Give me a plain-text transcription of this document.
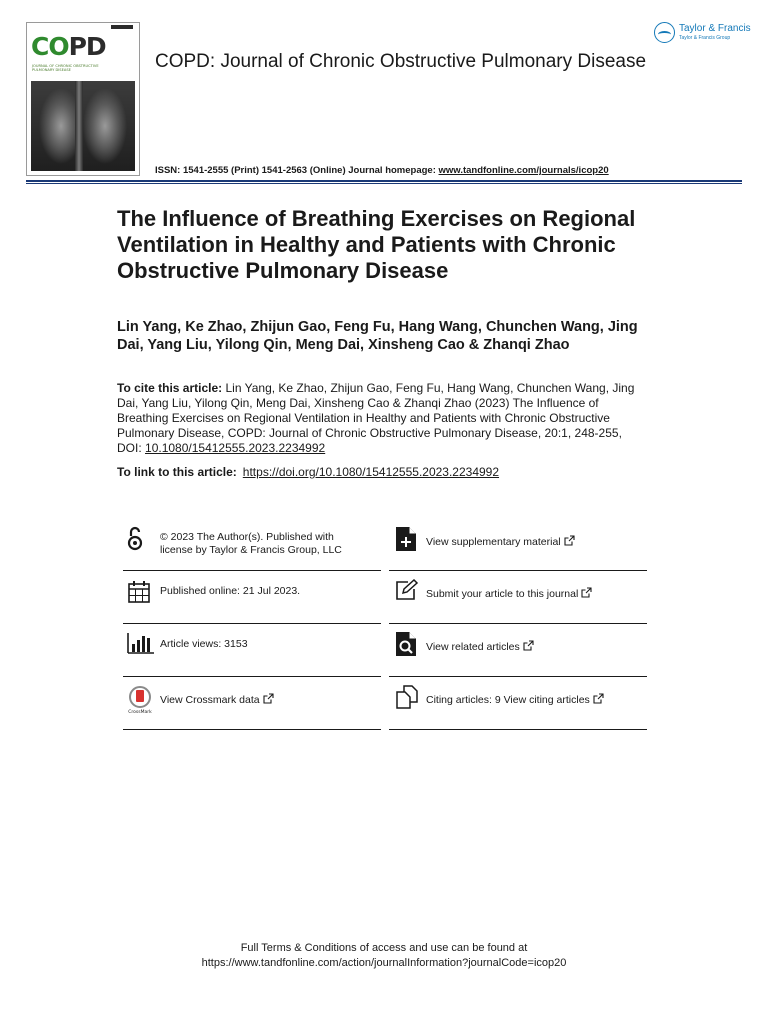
COPD
JOURNAL OF CHRONIC OBSTRUCTIVE PULMONARY DISEASE	COPD: Journal of Chronic Obstructive Pulmonary Disease
Taylor & Francis
Taylor & Francis Group
ISSN: 1541-2555 (Print) 1541-2563 (Online) Journal homepage: www.tandfonline.com/journals/icop20
The Influence of Breathing Exercises on Regional Ventilation in Healthy and Patients with Chronic Obstructive Pulmonary Disease
Lin Yang, Ke Zhao, Zhijun Gao, Feng Fu, Hang Wang, Chunchen Wang, Jing Dai, Yang Liu, Yilong Qin, Meng Dai, Xinsheng Cao & Zhanqi Zhao
To cite this article: Lin Yang, Ke Zhao, Zhijun Gao, Feng Fu, Hang Wang, Chunchen Wang, Jing Dai, Yang Liu, Yilong Qin, Meng Dai, Xinsheng Cao & Zhanqi Zhao (2023) The Influence of Breathing Exercises on Regional Ventilation in Healthy and Patients with Chronic Obstructive Pulmonary Disease, COPD: Journal of Chronic Obstructive Pulmonary Disease, 20:1, 248-255, DOI: 10.1080/15412555.2023.2234992
To link to this article: https://doi.org/10.1080/15412555.2023.2234992
© 2023 The Author(s). Published with
license by Taylor & Francis Group, LLC
Published online: 21 Jul 2023.
Article views: 3153
CrossMark
View Crossmark data
View supplementary material
Submit your article to this journal
View related articles
Citing articles: 9 View citing articles
Full Terms & Conditions of access and use can be found at
https://www.tandfonline.com/action/journalInformation?journalCode=icop20
